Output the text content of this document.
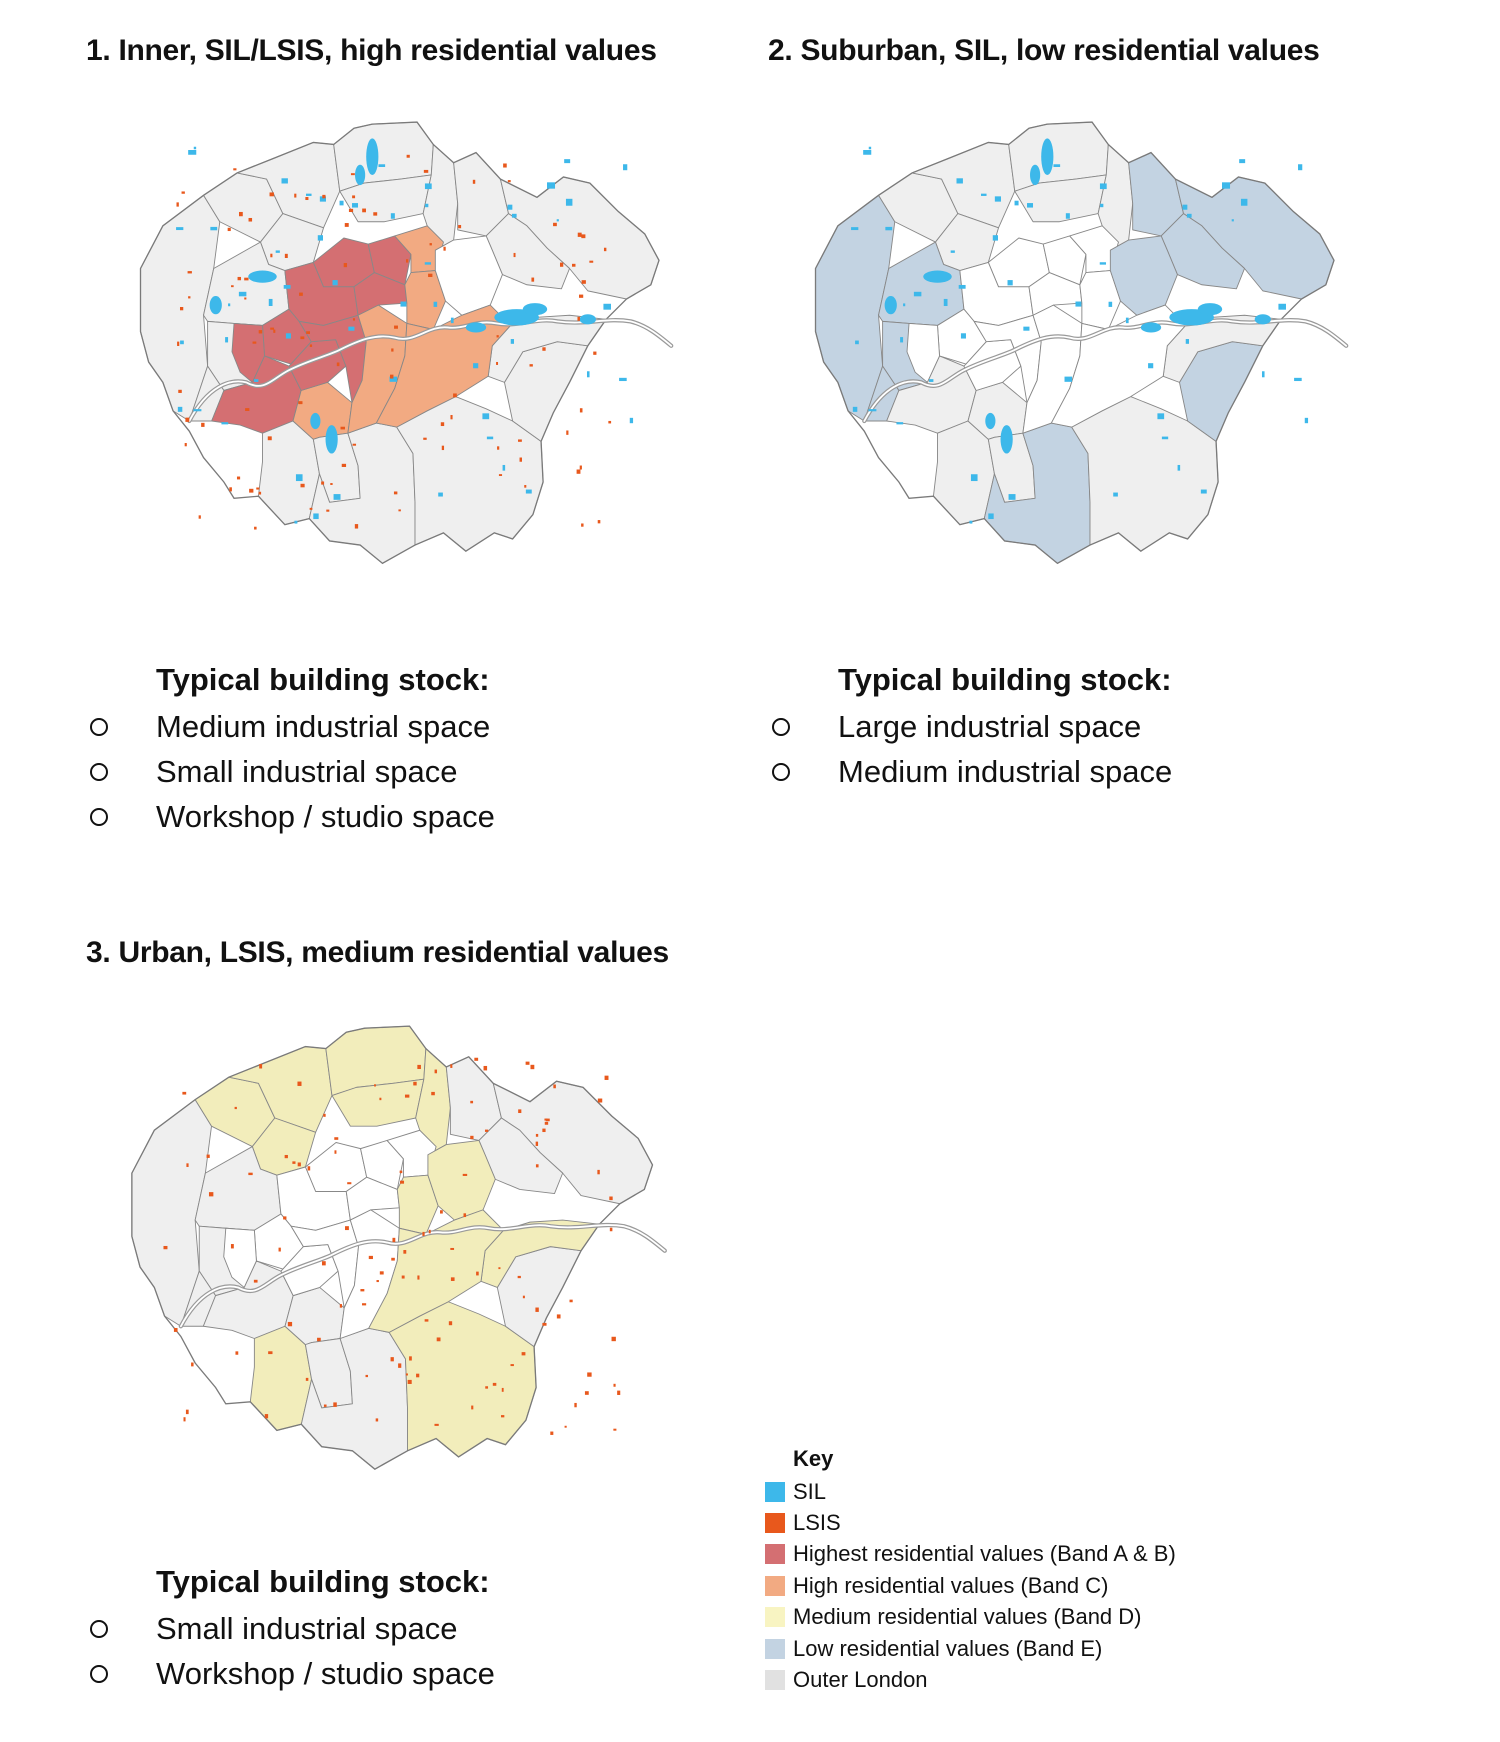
1. Inner, SIL/LSIS, high residential values

Typical building stock:

Medium industrial space
Small industrial space
Workshop / studio space
2. Suburban, SIL, low residential values

Typical building stock:

Large industrial space
Medium industrial space
3. Urban, LSIS, medium residential values

Typical building stock:

Small industrial space
Workshop / studio space

Key

SIL
LSIS
Highest residential values (Band A & B)
High residential values (Band C)
Medium residential values (Band D)
Low residential values (Band E)
Outer London
